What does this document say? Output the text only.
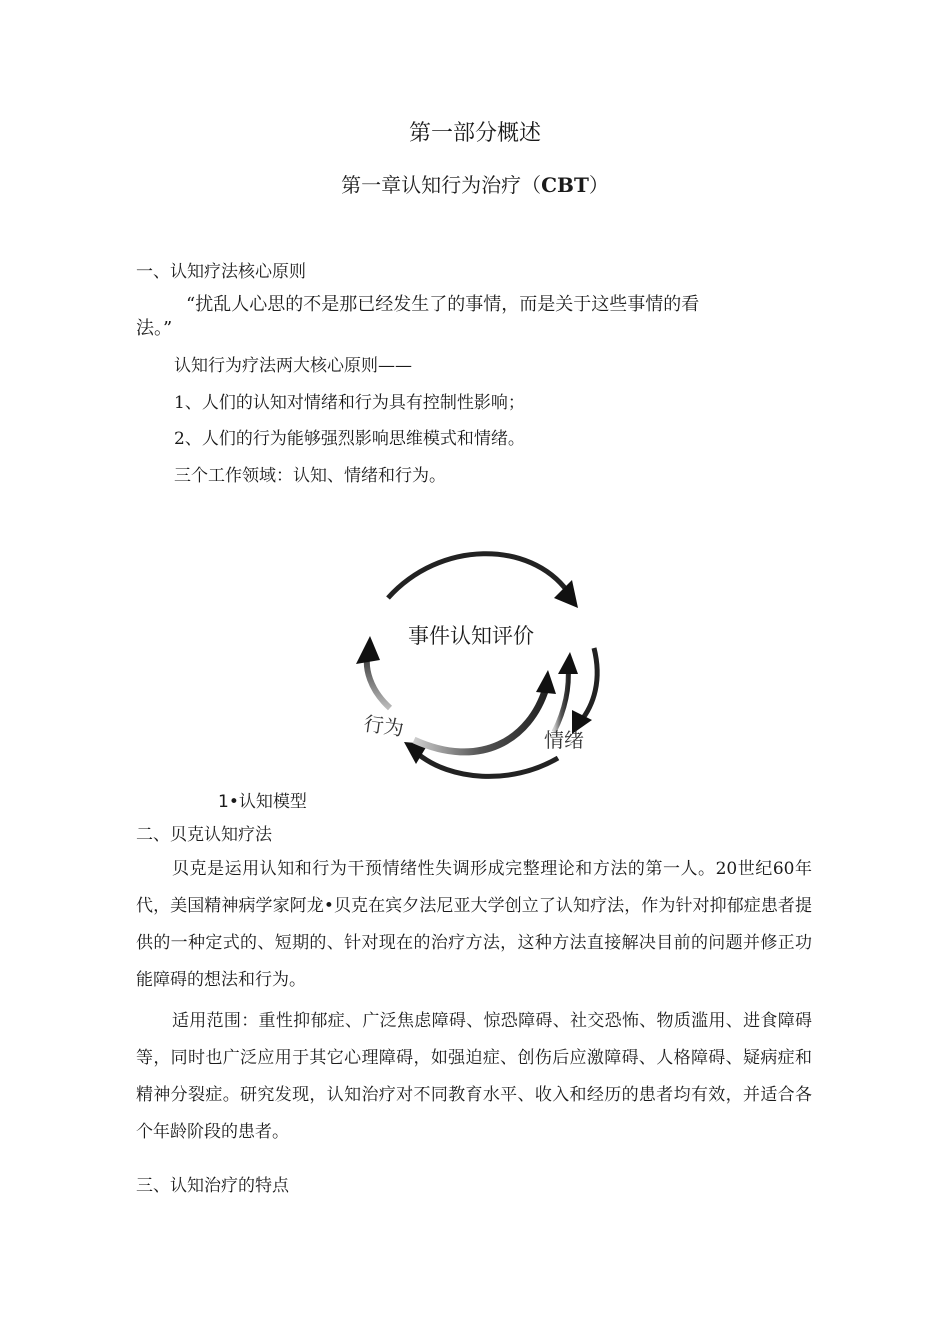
第一部分概述

第一章认知行为治疗（CBT）

一、认知疗法核心原则

“扰乱人心思的不是那已经发生了的事情，而是关于这些事情的看

法。”

认知行为疗法两大核心原则——

1、人们的认知对情绪和行为具有控制性影响；

2、人们的行为能够强烈影响思维模式和情绪。

三个工作领域：认知、情绪和行为。

事件认知评价
行为	情绪

1•认知模型

二、贝克认知疗法

贝克是运用认知和行为干预情绪性失调形成完整理论和方法的第一人。20世纪60年代，美国精神病学家阿龙•贝克在宾夕法尼亚大学创立了认知疗法，作为针对抑郁症患者提供的一种定式的、短期的、针对现在的治疗方法，这种方法直接解决目前的问题并修正功能障碍的想法和行为。

适用范围：重性抑郁症、广泛焦虑障碍、惊恐障碍、社交恐怖、物质滥用、进食障碍等，同时也广泛应用于其它心理障碍，如强迫症、创伤后应激障碍、人格障碍、疑病症和精神分裂症。研究发现，认知治疗对不同教育水平、收入和经历的患者均有效，并适合各个年龄阶段的患者。

三、认知治疗的特点
